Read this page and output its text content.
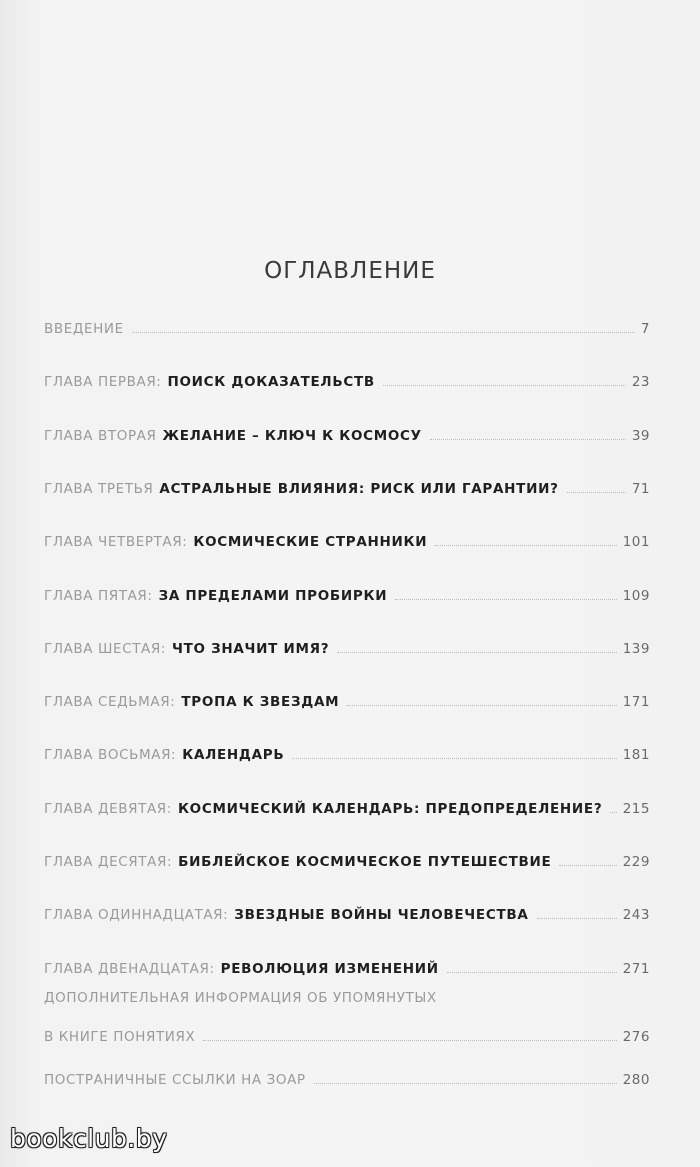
ОГЛАВЛЕНИЕ
ВВЕДЕНИЕ	7
ГЛАВА ПЕРВАЯ: ПОИСК ДОКАЗАТЕЛЬСТВ	23
ГЛАВА ВТОРАЯ ЖЕЛАНИЕ – КЛЮЧ К КОСМОСУ	39
ГЛАВА ТРЕТЬЯ АСТРАЛЬНЫЕ ВЛИЯНИЯ: РИСК ИЛИ ГАРАНТИИ?	71
ГЛАВА ЧЕТВЕРТАЯ: КОСМИЧЕСКИЕ СТРАННИКИ	101
ГЛАВА ПЯТАЯ: ЗА ПРЕДЕЛАМИ ПРОБИРКИ	109
ГЛАВА ШЕСТАЯ: ЧТО ЗНАЧИТ ИМЯ?	139
ГЛАВА СЕДЬМАЯ: ТРОПА К ЗВЕЗДАМ	171
ГЛАВА ВОСЬМАЯ: КАЛЕНДАРЬ	181
ГЛАВА ДЕВЯТАЯ: КОСМИЧЕСКИЙ КАЛЕНДАРЬ: ПРЕДОПРЕДЕЛЕНИЕ? 215
ГЛАВА ДЕСЯТАЯ: БИБЛЕЙСКОЕ КОСМИЧЕСКОЕ ПУТЕШЕСТВИЕ	229
ГЛАВА ОДИННАДЦАТАЯ: ЗВЕЗДНЫЕ ВОЙНЫ ЧЕЛОВЕЧЕСТВА	243
ГЛАВА ДВЕНАДЦАТАЯ: РЕВОЛЮЦИЯ ИЗМЕНЕНИЙ	271
ДОПОЛНИТЕЛЬНАЯ ИНФОРМАЦИЯ ОБ УПОМЯНУТЫХ
В КНИГЕ ПОНЯТИЯХ	276
ПОСТРАНИЧНЫЕ ССЫЛКИ НА ЗОАР	280
bookclub.by
